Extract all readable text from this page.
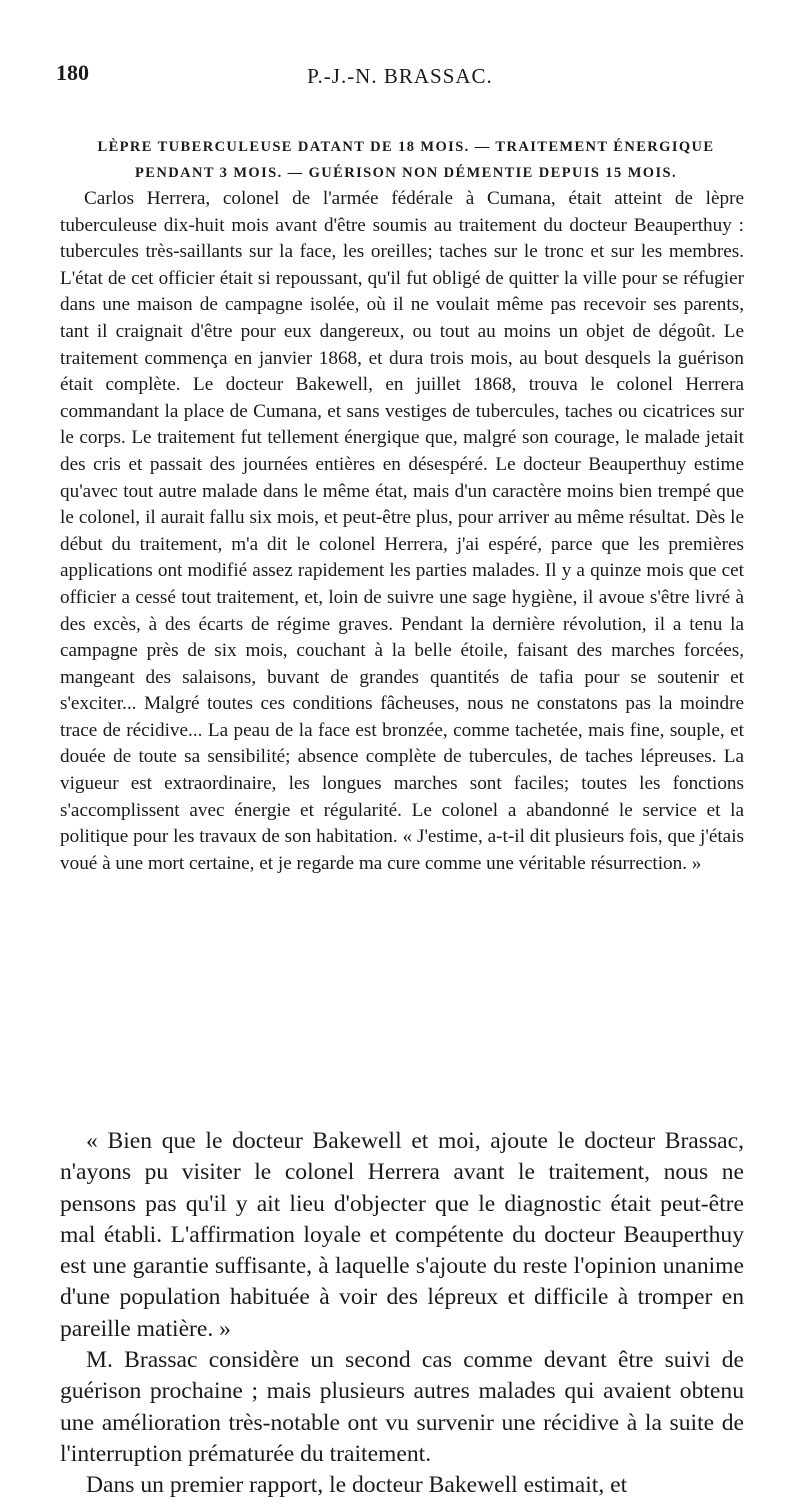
180	P.-J.-N. BRASSAC.
LÈPRE TUBERCULEUSE DATANT DE 18 MOIS. — TRAITEMENT ÉNERGIQUE PENDANT 3 MOIS. — GUÉRISON NON DÉMENTIE DEPUIS 15 MOIS.

Carlos Herrera, colonel de l'armée fédérale à Cumana, était atteint de lèpre tuberculeuse dix-huit mois avant d'être soumis au traitement du docteur Beauperthuy : tubercules très-saillants sur la face, les oreilles; taches sur le tronc et sur les membres. L'état de cet officier était si repoussant, qu'il fut obligé de quitter la ville pour se réfugier dans une maison de campagne isolée, où il ne voulait même pas recevoir ses parents, tant il craignait d'être pour eux dangereux, ou tout au moins un objet de dégoût. Le traitement commença en janvier 1868, et dura trois mois, au bout desquels la guérison était complète. Le docteur Bakewell, en juillet 1868, trouva le colonel Herrera commandant la place de Cumana, et sans vestiges de tubercules, taches ou cicatrices sur le corps. Le traitement fut tellement énergique que, malgré son courage, le malade jetait des cris et passait des journées entières en désespéré. Le docteur Beauperthuy estime qu'avec tout autre malade dans le même état, mais d'un caractère moins bien trempé que le colonel, il aurait fallu six mois, et peut-être plus, pour arriver au même résultat. Dès le début du traitement, m'a dit le colonel Herrera, j'ai espéré, parce que les premières applications ont modifié assez rapidement les parties malades. Il y a quinze mois que cet officier a cessé tout traitement, et, loin de suivre une sage hygiène, il avoue s'être livré à des excès, à des écarts de régime graves. Pendant la dernière révolution, il a tenu la campagne près de six mois, couchant à la belle étoile, faisant des marches forcées, mangeant des salaisons, buvant de grandes quantités de tafia pour se soutenir et s'exciter... Malgré toutes ces conditions fâcheuses, nous ne constatons pas la moindre trace de récidive... La peau de la face est bronzée, comme tachetée, mais fine, souple, et douée de toute sa sensibilité; absence complète de tubercules, de taches lépreuses. La vigueur est extraordinaire, les longues marches sont faciles; toutes les fonctions s'accomplissent avec énergie et régularité. Le colonel a abandonné le service et la politique pour les travaux de son habitation. « J'estime, a-t-il dit plusieurs fois, que j'étais voué à une mort certaine, et je regarde ma cure comme une véritable résurrection. »

« Bien que le docteur Bakewell et moi, ajoute le docteur Brassac, n'ayons pu visiter le colonel Herrera avant le traitement, nous ne pensons pas qu'il y ait lieu d'objecter que le diagnostic était peut-être mal établi. L'affirmation loyale et compétente du docteur Beauperthuy est une garantie suffisante, à laquelle s'ajoute du reste l'opinion unanime d'une population habituée à voir des lépreux et difficile à tromper en pareille matière. »

M. Brassac considère un second cas comme devant être suivi de guérison prochaine ; mais plusieurs autres malades qui avaient obtenu une amélioration très-notable ont vu survenir une récidive à la suite de l'interruption prématurée du traitement.

Dans un premier rapport, le docteur Bakewell estimait, et
